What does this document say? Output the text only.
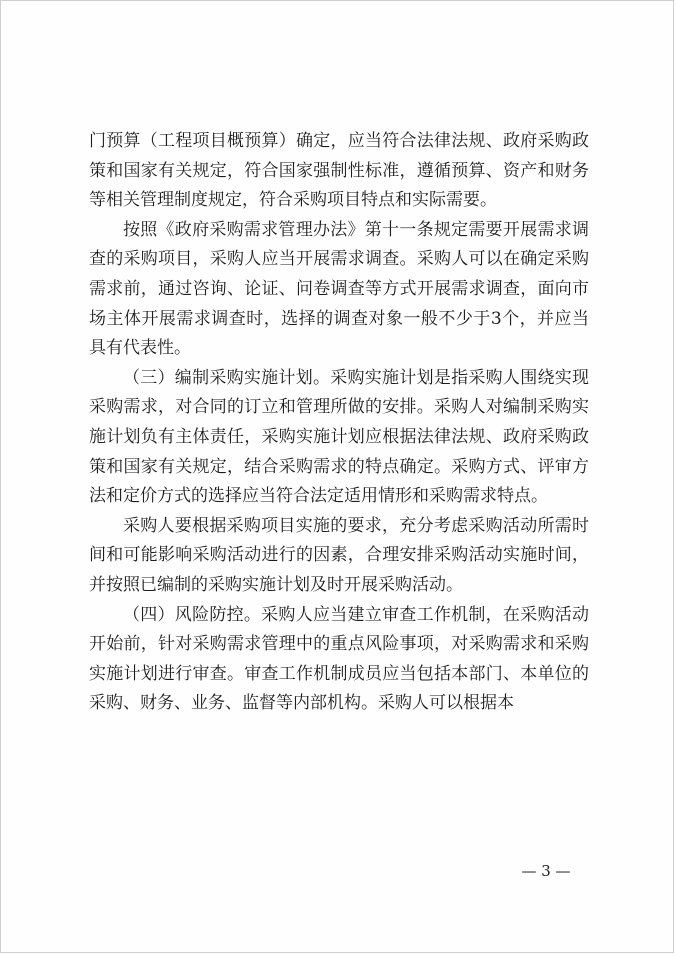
门预算（工程项目概预算）确定，应当符合法律法规、政府采购政策和国家有关规定，符合国家强制性标准，遵循预算、资产和财务等相关管理制度规定，符合采购项目特点和实际需要。

按照《政府采购需求管理办法》第十一条规定需要开展需求调查的采购项目，采购人应当开展需求调查。采购人可以在确定采购需求前，通过咨询、论证、问卷调查等方式开展需求调查，面向市场主体开展需求调查时，选择的调查对象一般不少于3个，并应当具有代表性。

（三）编制采购实施计划。采购实施计划是指采购人围绕实现采购需求，对合同的订立和管理所做的安排。采购人对编制采购实施计划负有主体责任，采购实施计划应根据法律法规、政府采购政策和国家有关规定，结合采购需求的特点确定。采购方式、评审方法和定价方式的选择应当符合法定适用情形和采购需求特点。

采购人要根据采购项目实施的要求，充分考虑采购活动所需时间和可能影响采购活动进行的因素，合理安排采购活动实施时间，并按照已编制的采购实施计划及时开展采购活动。

（四）风险防控。采购人应当建立审查工作机制，在采购活动开始前，针对采购需求管理中的重点风险事项，对采购需求和采购实施计划进行审查。审查工作机制成员应当包括本部门、本单位的采购、财务、业务、监督等内部机构。采购人可以根据本

— 3 —
